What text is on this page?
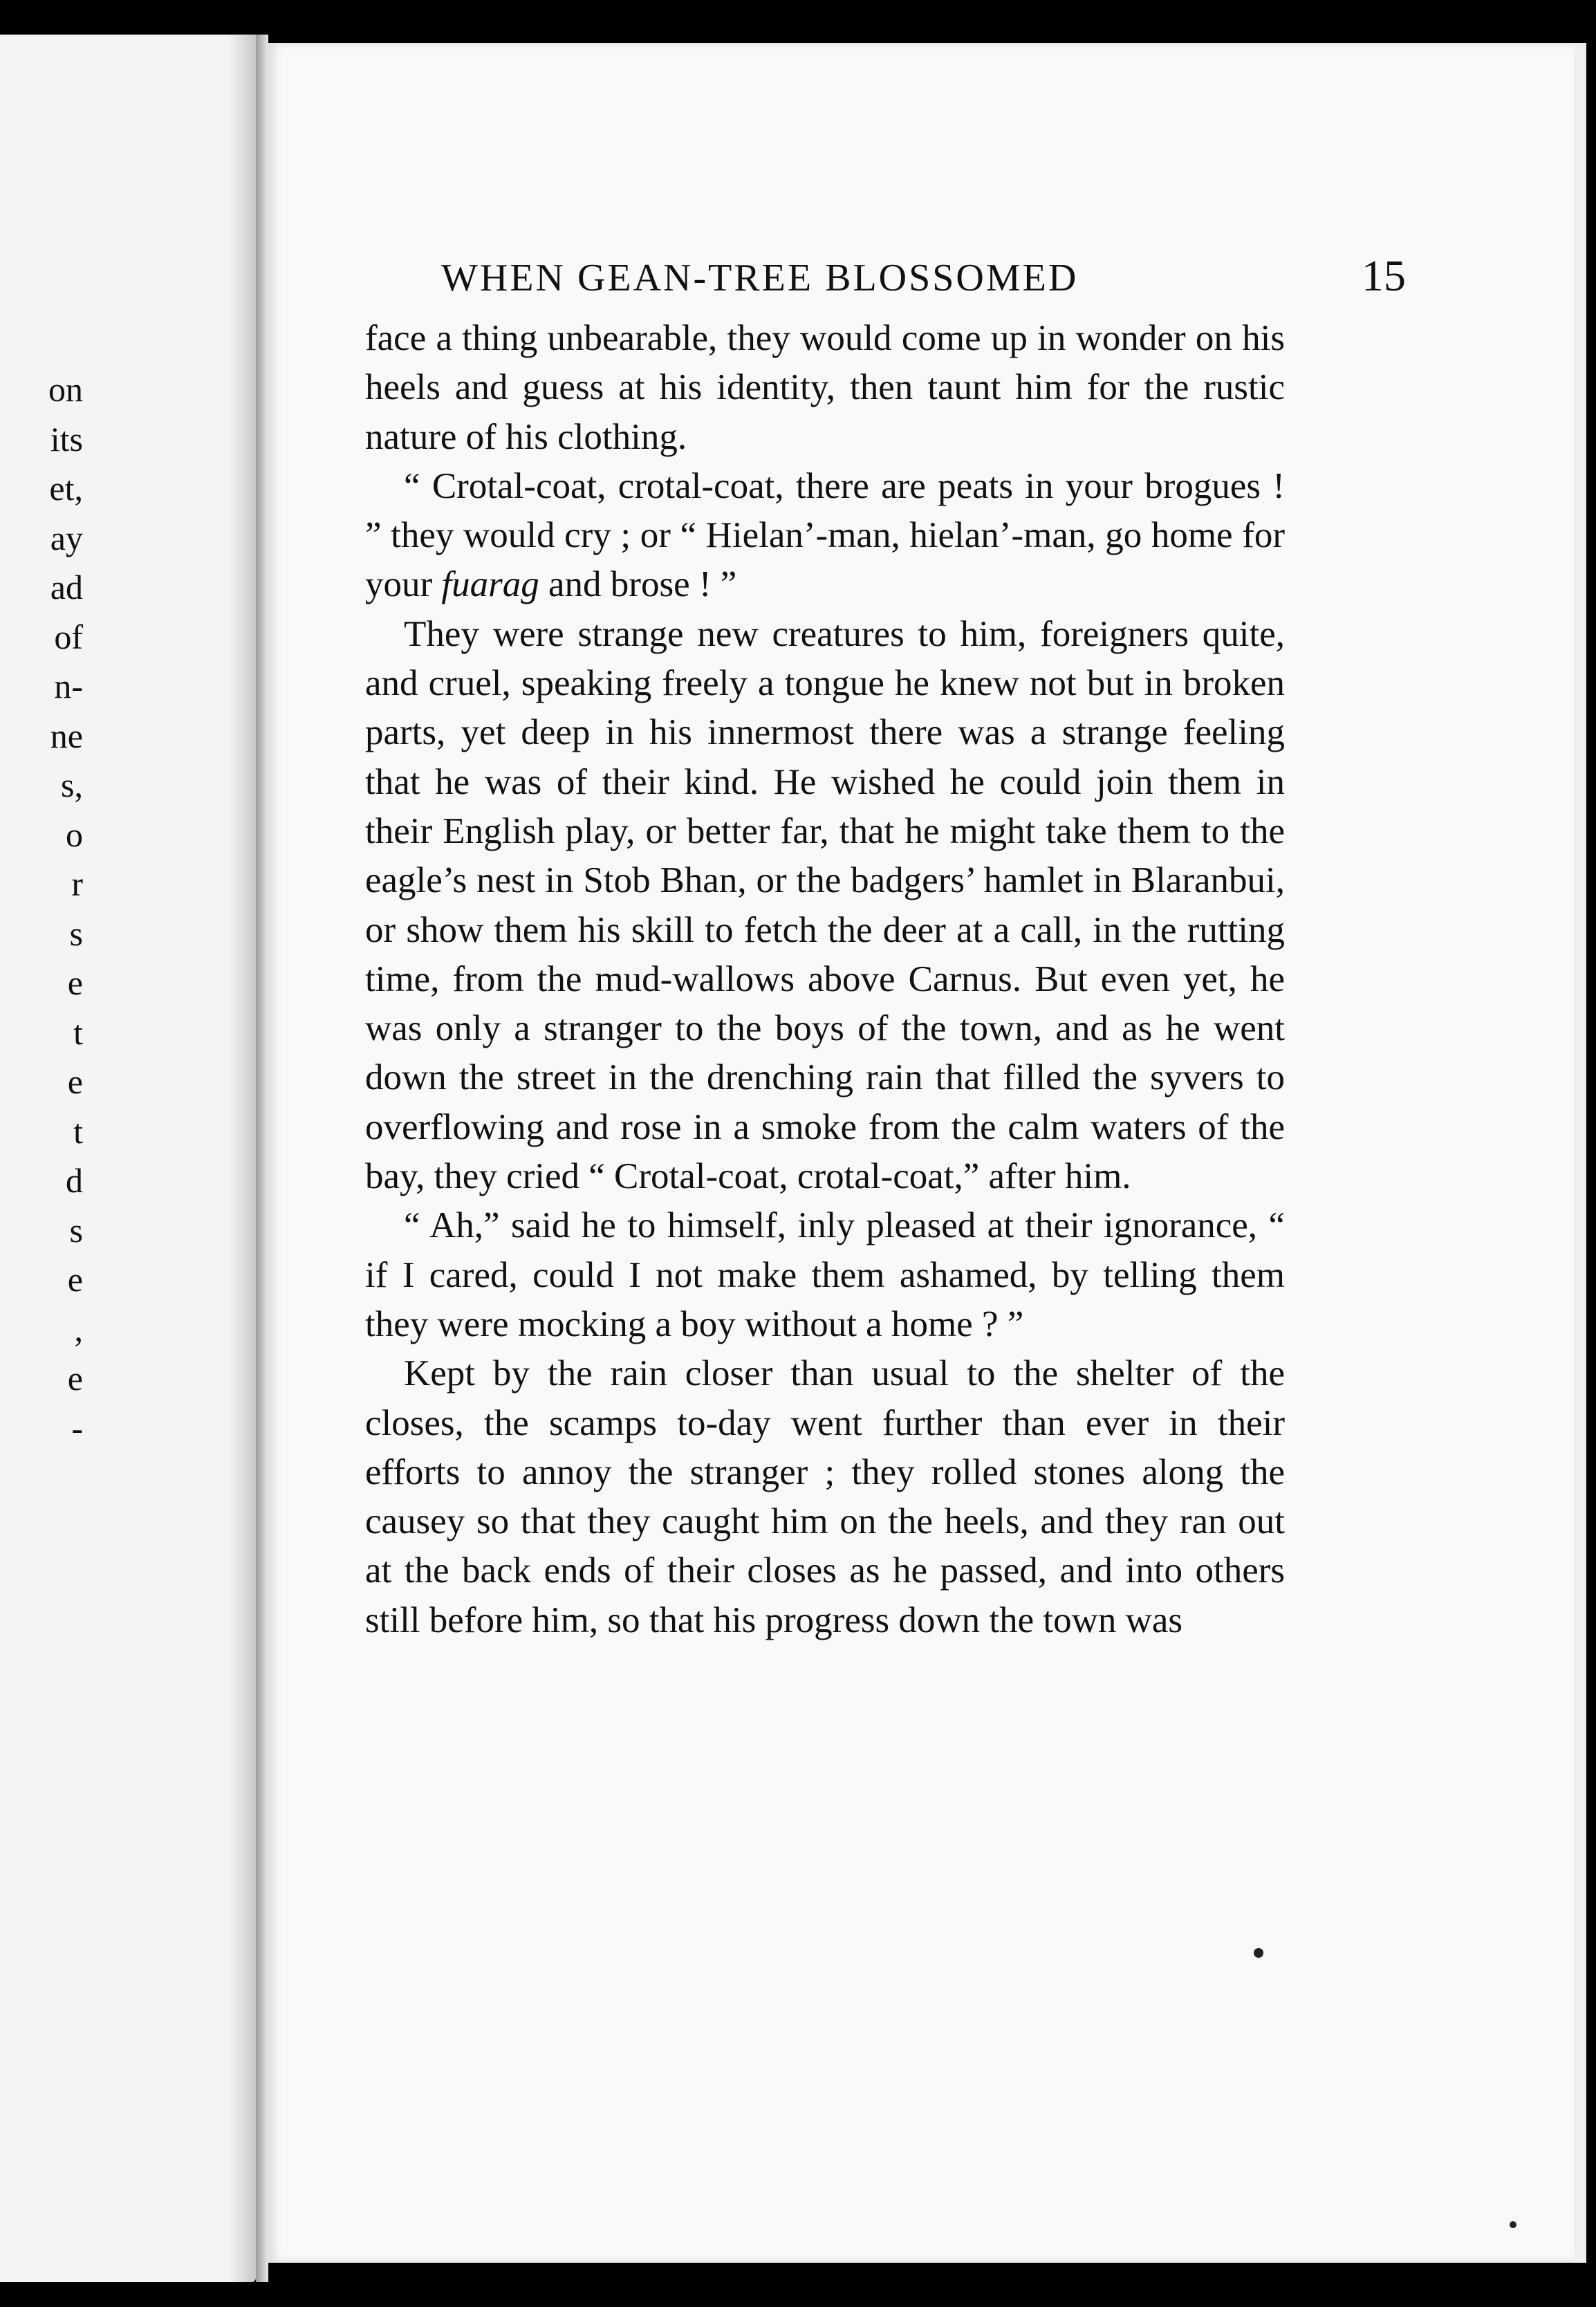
on
its
et,
ay
ad
of
n-
ne
s,
o
r
s
e
t
e
t
d
s
e
,
e
-
WHEN GEAN-TREE BLOSSOMED	15

face a thing unbearable, they would come up in wonder on his heels and guess at his identity, then taunt him for the rustic nature of his clothing.

“ Crotal-coat, crotal-coat, there are peats in your brogues ! ” they would cry ; or “ Hielan’-man, hielan’-man, go home for your fuarag and brose ! ”

They were strange new creatures to him, foreigners quite, and cruel, speaking freely a tongue he knew not but in broken parts, yet deep in his innermost there was a strange feeling that he was of their kind. He wished he could join them in their English play, or better far, that he might take them to the eagle’s nest in Stob Bhan, or the badgers’ hamlet in Blaranbui, or show them his skill to fetch the deer at a call, in the rutting time, from the mud-wallows above Carnus. But even yet, he was only a stranger to the boys of the town, and as he went down the street in the drenching rain that filled the syvers to overflowing and rose in a smoke from the calm waters of the bay, they cried “ Crotal-coat, crotal-coat,” after him.

“ Ah,” said he to himself, inly pleased at their ignorance, “ if I cared, could I not make them ashamed, by telling them they were mocking a boy without a home ? ”

Kept by the rain closer than usual to the shelter of the closes, the scamps to-day went further than ever in their efforts to annoy the stranger ; they rolled stones along the causey so that they caught him on the heels, and they ran out at the back ends of their closes as he passed, and into others still before him, so that his progress down the town was
